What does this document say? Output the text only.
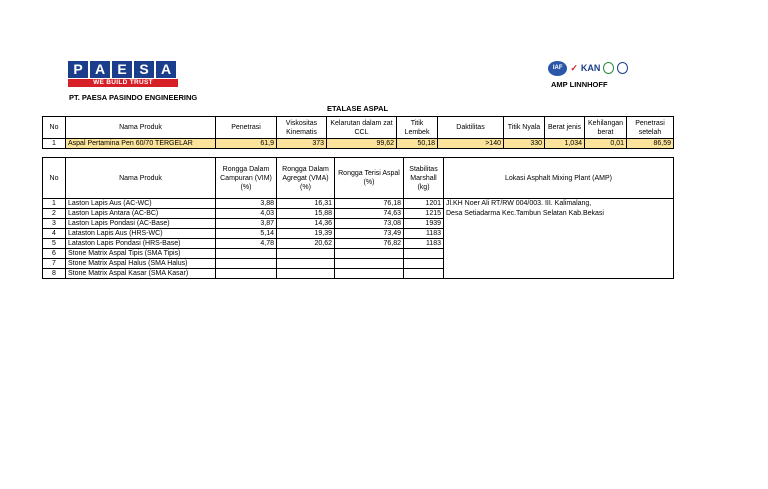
P A E S A
WE BUILD TRUST
PT. PAESA PASINDO ENGINEERING
IAF ✓ KAN
AMP LINNHOFF
ETALASE ASPAL
No	Nama Produk	Penetrasi	Viskositas Kinematis	Kelarutan dalam zat CCL	Titik Lembek	Daktilitas	Titik Nyala	Berat jenis	Kehilangan berat	Penetrasi setelah
1	Aspal Pertamina Pen 60/70 TERGELAR	61,9	373	99,62	50,18	>140	330	1,034	0,01	86,59
No	Nama Produk	Rongga Dalam Campuran (VIM) (%)	Rongga Dalam Agregat (VMA) (%)	Rongga Terisi Aspal (%)	Stabilitas Marshall (kg)	Lokasi Asphalt Mixing Plant (AMP)
1	Laston Lapis Aus (AC-WC)	3,88	16,31	76,18	1201	Jl.KH Noer Ali RT/RW 004/003. III. Kalimalang,
Desa Setiadarma Kec.Tambun Selatan Kab.Bekasi

2	Laston Lapis Antara (AC-BC)	4,03	15,88	74,63	1215	
3	Laston Lapis Pondasi (AC-Base)	3,87	14,36	73,08	1939	
4	Lataston Lapis Aus (HRS-WC)	5,14	19,39	73,49	1183	
5	Lataston Lapis Pondasi (HRS-Base)	4,78	20,62	76,82	1183	
6	Stone Matrix Aspal Tipis (SMA Tipis)					
7	Stone Matrix Aspal Halus (SMA Halus)					
8	Stone Matrix Aspal Kasar (SMA Kasar)					
